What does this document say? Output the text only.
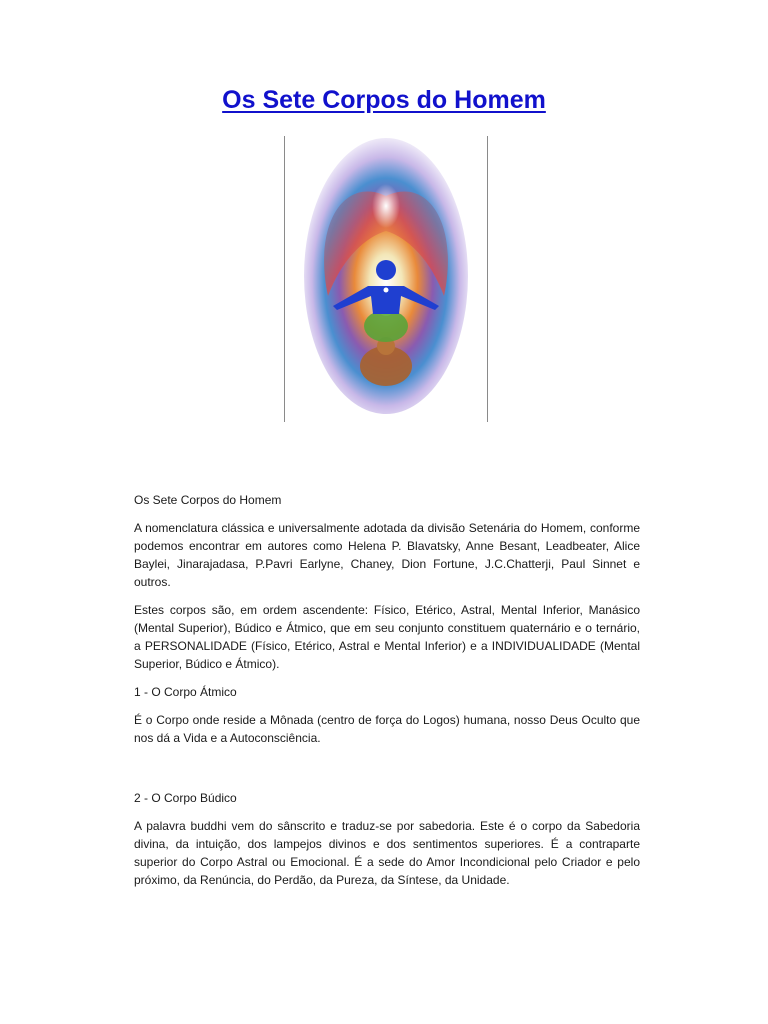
Os Sete Corpos do Homem

Os Sete Corpos do Homem

A nomenclatura clássica e universalmente adotada da divisão Setenária do Homem, conforme podemos encontrar em autores como Helena P. Blavatsky, Anne Besant, Leadbeater, Alice Baylei, Jinarajadasa, P.Pavri Earlyne, Chaney, Dion Fortune, J.C.Chatterji, Paul Sinnet e outros.

Estes corpos são, em ordem ascendente: Físico, Etérico, Astral, Mental Inferior, Manásico (Mental Superior), Búdico e Átmico, que em seu conjunto constituem quaternário e o ternário, a PERSONALIDADE (Físico, Etérico, Astral e Mental Inferior) e a INDIVIDUALIDADE (Mental Superior, Búdico e Átmico).

1 - O Corpo Átmico

É o Corpo onde reside a Mônada (centro de força do Logos) humana, nosso Deus Oculto que nos dá a Vida e a Autoconsciência.

2 - O Corpo Búdico

A palavra buddhi vem do sânscrito e traduz-se por sabedoria. Este é o corpo da Sabedoria divina, da intuição, dos lampejos divinos e dos sentimentos superiores. É a contraparte superior do Corpo Astral ou Emocional. É a sede do Amor Incondicional pelo Criador e pelo próximo, da Renúncia, do Perdão, da Pureza, da Síntese, da Unidade.
